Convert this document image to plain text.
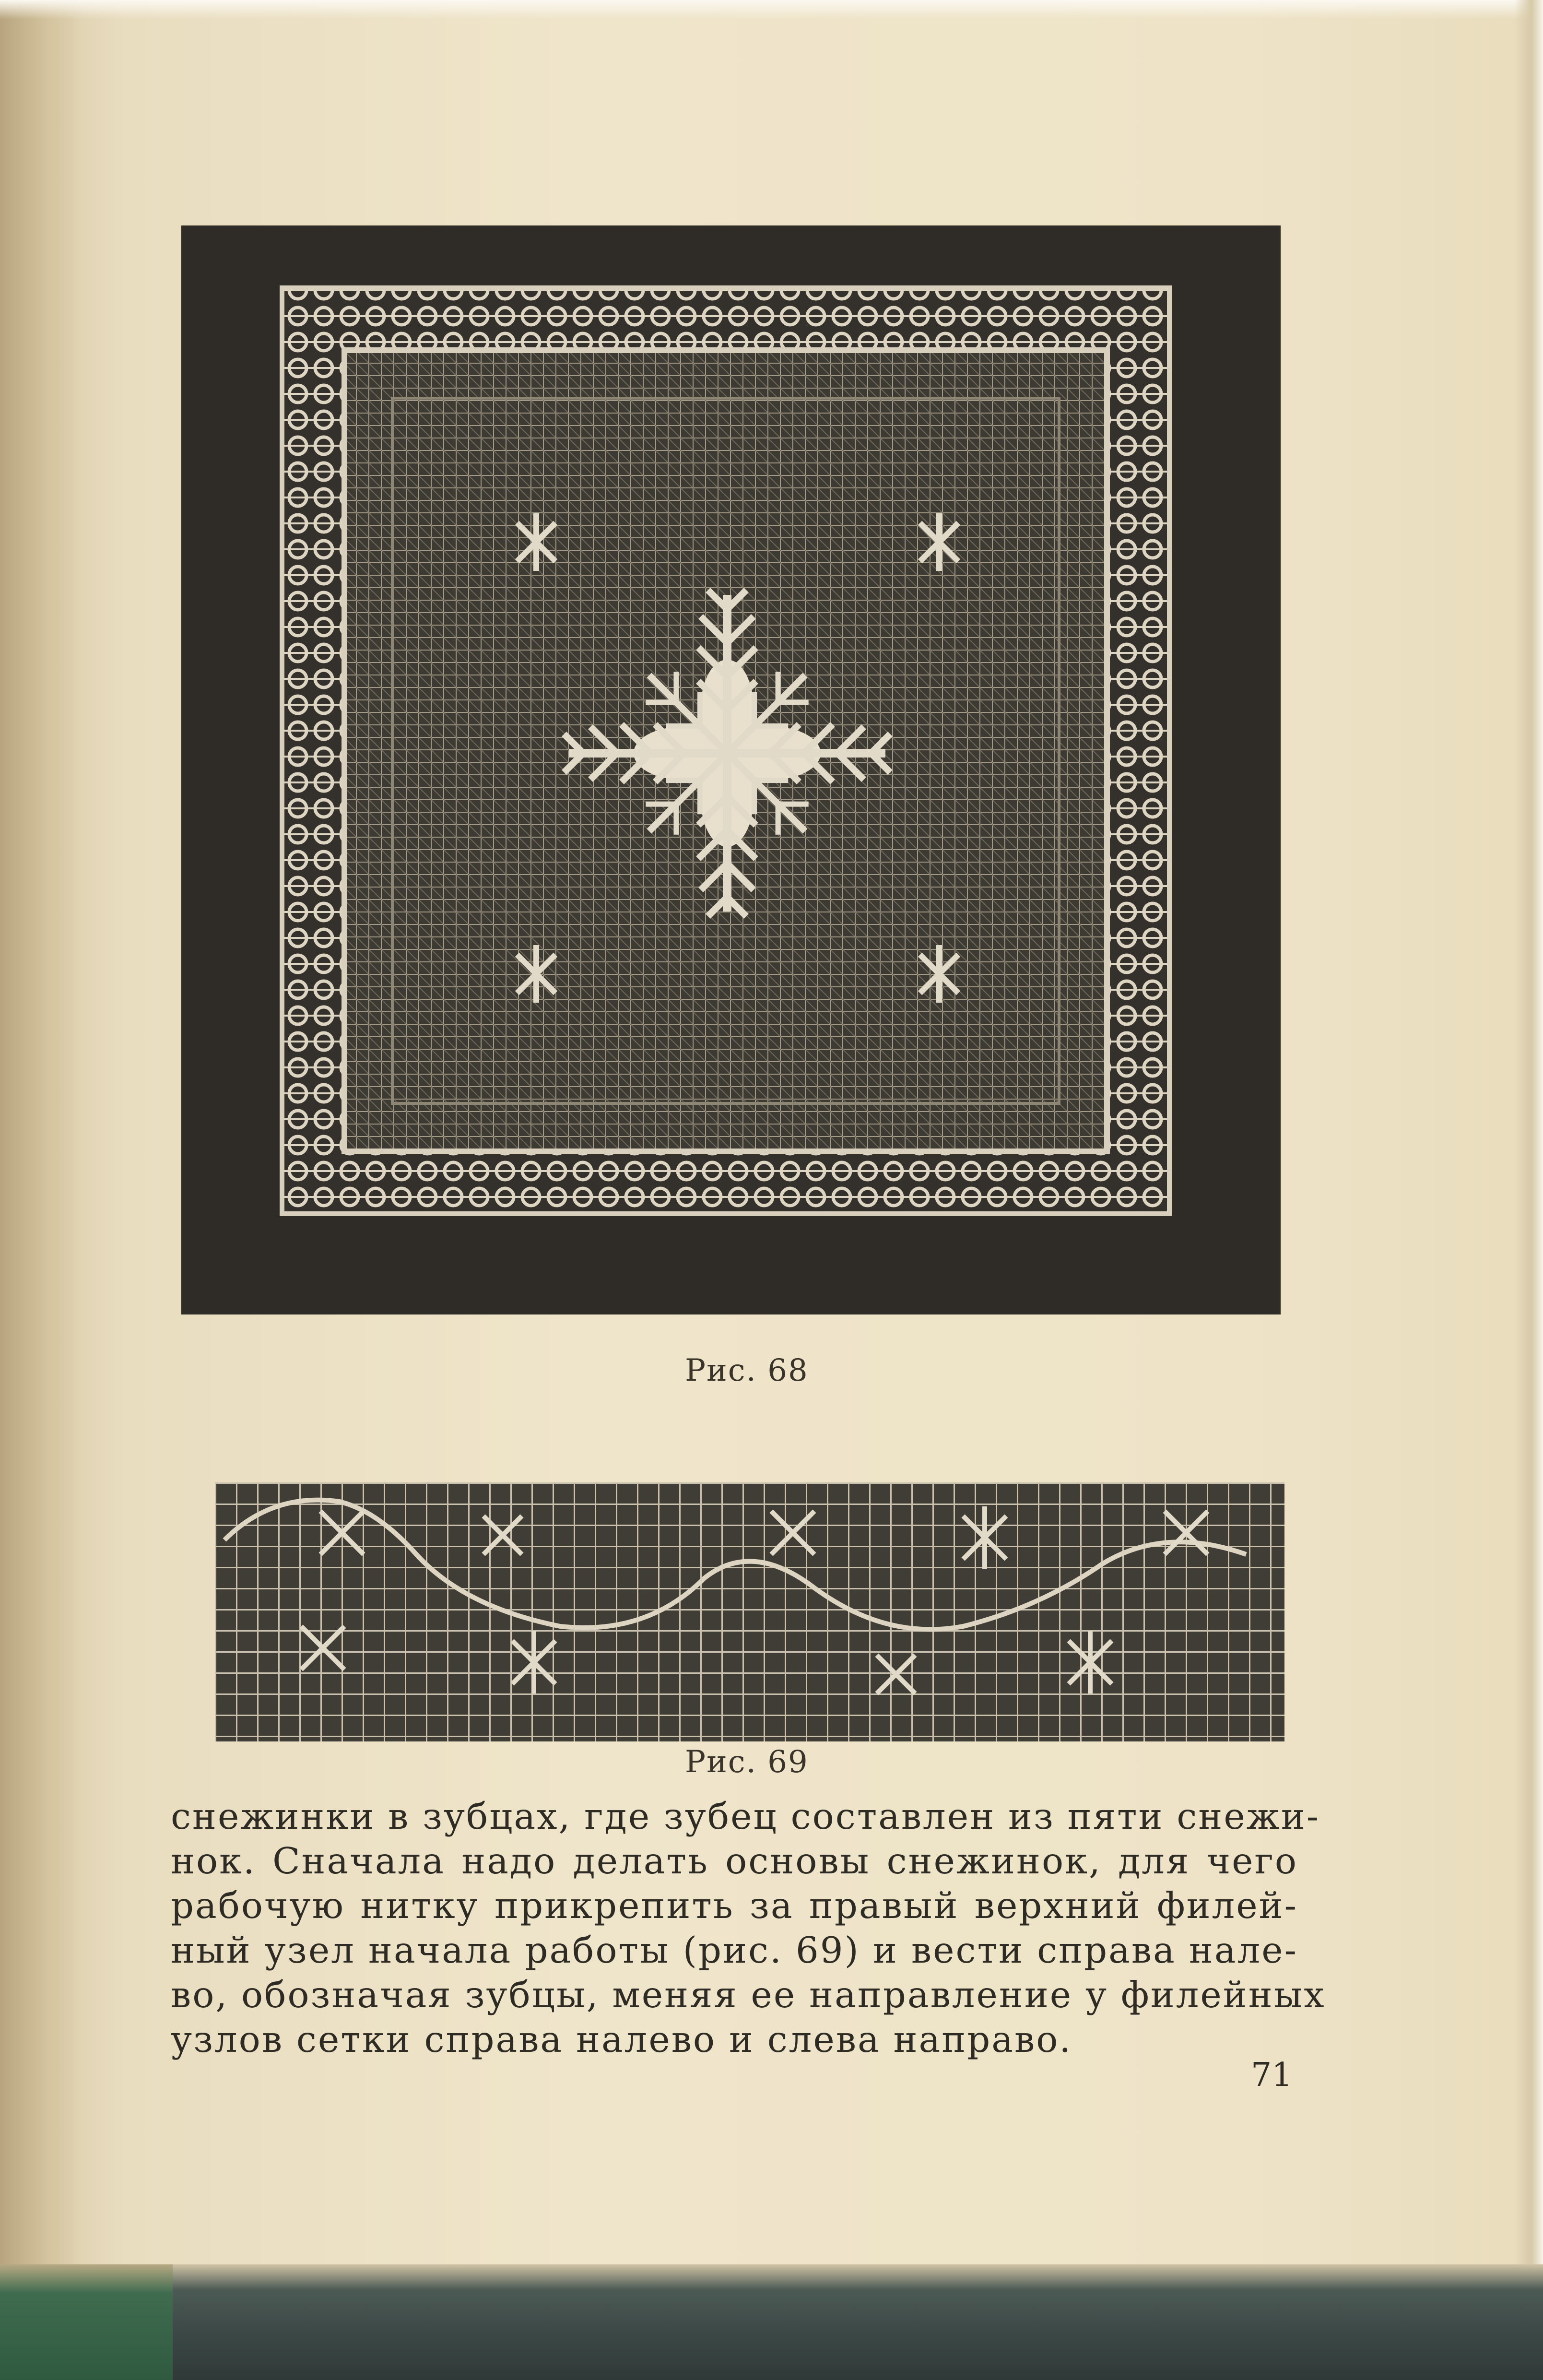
Рис. 68
Рис. 69
снежинки в зубцах, где зубец составлен из пяти снежи-
нок. Сначала надо делать основы снежинок, для чего
рабочую нитку прикрепить за правый верхний филей-
ный узел начала работы (рис. 69) и вести справа нале-
во, обозначая зубцы, меняя ее направление у филейных
узлов сетки справа налево и слева направо.
71
